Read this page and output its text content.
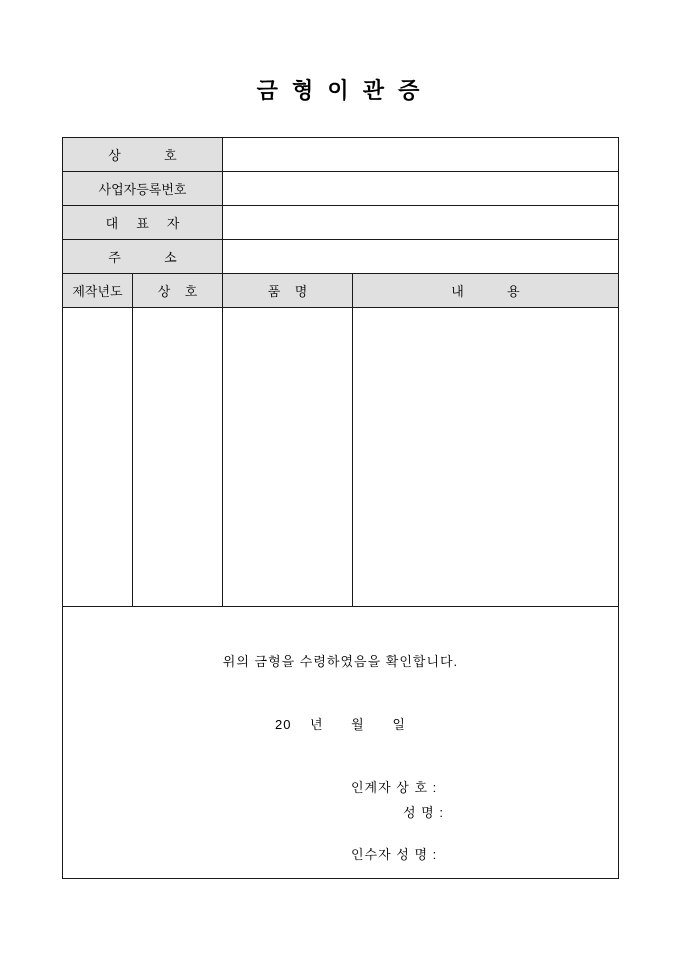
금 형 이 관 증
상            호			
사업자등록번호			
대     표     자			
주            소			
제작년도	상    호	품    명	내            용

위의 금형을 수령하였음을 확인합니다.
20    년      월      일
인계자 상 호 :
성 명 :
인수자 성 명 :			
